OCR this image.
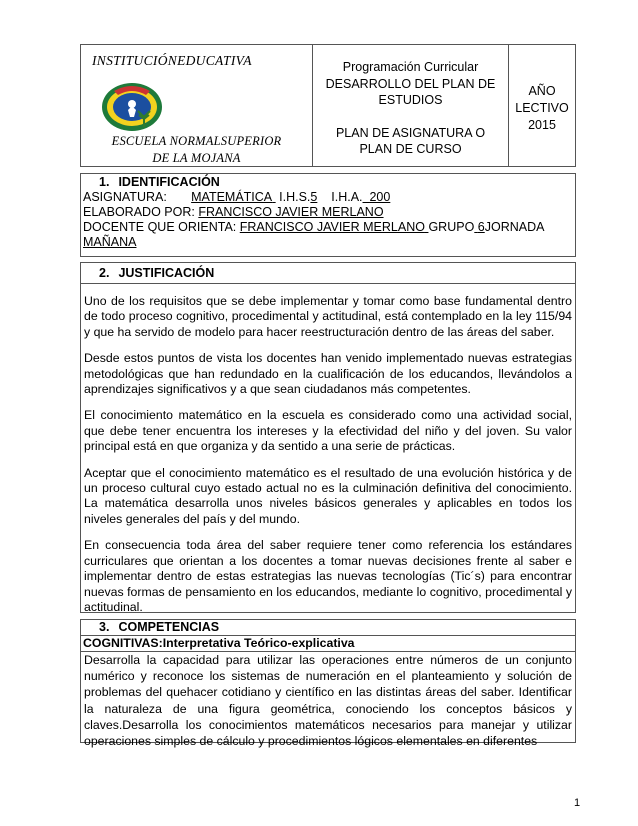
INSTITUCIÓNEDUCATIVA
ESCUELA NORMALSUPERIOR
DE LA MOJANA
Programación Curricular
DESARROLLO DEL PLAN DE
ESTUDIOS
PLAN DE ASIGNATURA O
PLAN DE CURSO
AÑO
LECTIVO
2015
1. IDENTIFICACIÓN
ASIGNATURA: MATEMÁTICA I.H.S.5 I.H.A. 200
ELABORADO POR: FRANCISCO JAVIER MERLANO
DOCENTE QUE ORIENTA: FRANCISCO JAVIER MERLANO GRUPO 6JORNADA
MAÑANA
2. JUSTIFICACIÓN
Uno de los requisitos que se debe implementar y tomar como base fundamental dentro de todo proceso cognitivo, procedimental y actitudinal, está contemplado en la ley 115/94 y que ha servido de modelo para hacer reestructuración dentro de las áreas del saber.
Desde estos puntos de vista los docentes han venido implementado nuevas estrategias metodológicas que han redundado en la cualificación de los educandos, llevándolos a aprendizajes significativos y a que sean ciudadanos más competentes.
El conocimiento matemático en la escuela es considerado como una actividad social, que debe tener encuentra los intereses y la efectividad del niño y del joven. Su valor principal está en que organiza y da sentido a una serie de prácticas.
Aceptar que el conocimiento matemático es el resultado de una evolución histórica y de un proceso cultural cuyo estado actual no es la culminación definitiva del conocimiento. La matemática desarrolla unos niveles básicos generales y aplicables en todos los niveles generales del país y del mundo.
En consecuencia toda área del saber requiere tener como referencia los estándares curriculares que orientan a los docentes a tomar nuevas decisiones frente al saber e implementar dentro de estas estrategias las nuevas tecnologías (Tic´s) para encontrar nuevas formas de pensamiento en los educandos, mediante lo cognitivo, procedimental y actitudinal.
3. COMPETENCIAS
COGNITIVAS:Interpretativa Teórico-explicativa
Desarrolla la capacidad para utilizar las operaciones entre números de un conjunto numérico y reconoce los sistemas de numeración en el planteamiento y solución de problemas del quehacer cotidiano y científico en las distintas áreas del saber. Identificar la naturaleza de una figura geométrica, conociendo los conceptos básicos y claves.Desarrolla los conocimientos matemáticos necesarios para manejar y utilizar operaciones simples de cálculo y procedimientos lógicos elementales en diferentes
1
